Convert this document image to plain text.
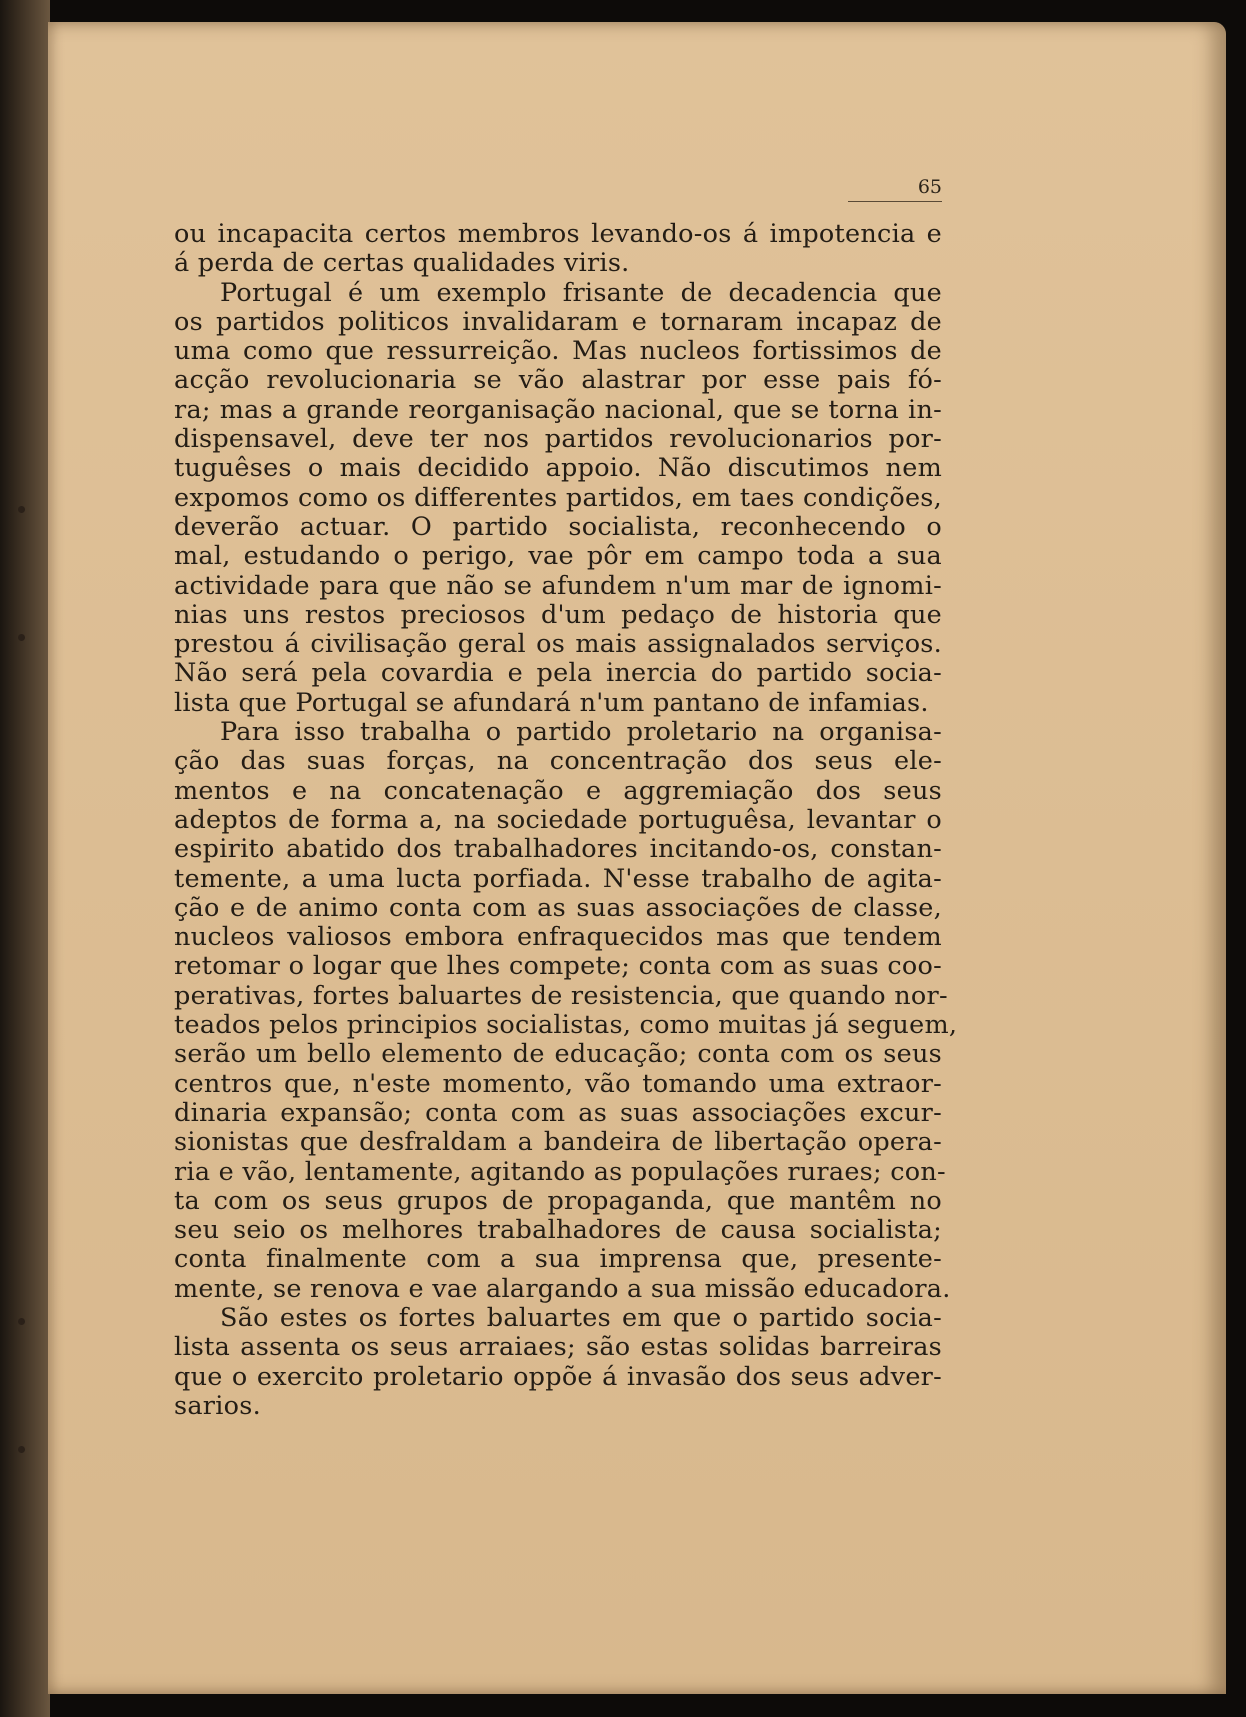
65
ou incapacita certos membros levando-os á impotencia e
á perda de certas qualidades viris.
Portugal é um exemplo frisante de decadencia que
os partidos politicos invalidaram e tornaram incapaz de
uma como que ressurreição. Mas nucleos fortissimos de
acção revolucionaria se vão alastrar por esse pais fó-
ra; mas a grande reorganisação nacional, que se torna in-
dispensavel, deve ter nos partidos revolucionarios por-
tuguêses o mais decidido appoio. Não discutimos nem
expomos como os differentes partidos, em taes condições,
deverão actuar. O partido socialista, reconhecendo o
mal, estudando o perigo, vae pôr em campo toda a sua
actividade para que não se afundem n'um mar de ignomi-
nias uns restos preciosos d'um pedaço de historia que
prestou á civilisação geral os mais assignalados serviços.
Não será pela covardia e pela inercia do partido socia-
lista que Portugal se afundará n'um pantano de infamias.
Para isso trabalha o partido proletario na organisa-
ção das suas forças, na concentração dos seus ele-
mentos e na concatenação e aggremiação dos seus
adeptos de forma a, na sociedade portuguêsa, levantar o
espirito abatido dos trabalhadores incitando-os, constan-
temente, a uma lucta porfiada. N'esse trabalho de agita-
ção e de animo conta com as suas associações de classe,
nucleos valiosos embora enfraquecidos mas que tendem
retomar o logar que lhes compete; conta com as suas coo-
perativas, fortes baluartes de resistencia, que quando nor-
teados pelos principios socialistas, como muitas já seguem,
serão um bello elemento de educação; conta com os seus
centros que, n'este momento, vão tomando uma extraor-
dinaria expansão; conta com as suas associações excur-
sionistas que desfraldam a bandeira de libertação opera-
ria e vão, lentamente, agitando as populações ruraes; con-
ta com os seus grupos de propaganda, que mantêm no
seu seio os melhores trabalhadores de causa socialista;
conta finalmente com a sua imprensa que, presente-
mente, se renova e vae alargando a sua missão educadora.
São estes os fortes baluartes em que o partido socia-
lista assenta os seus arraiaes; são estas solidas barreiras
que o exercito proletario oppõe á invasão dos seus adver-
sarios.
